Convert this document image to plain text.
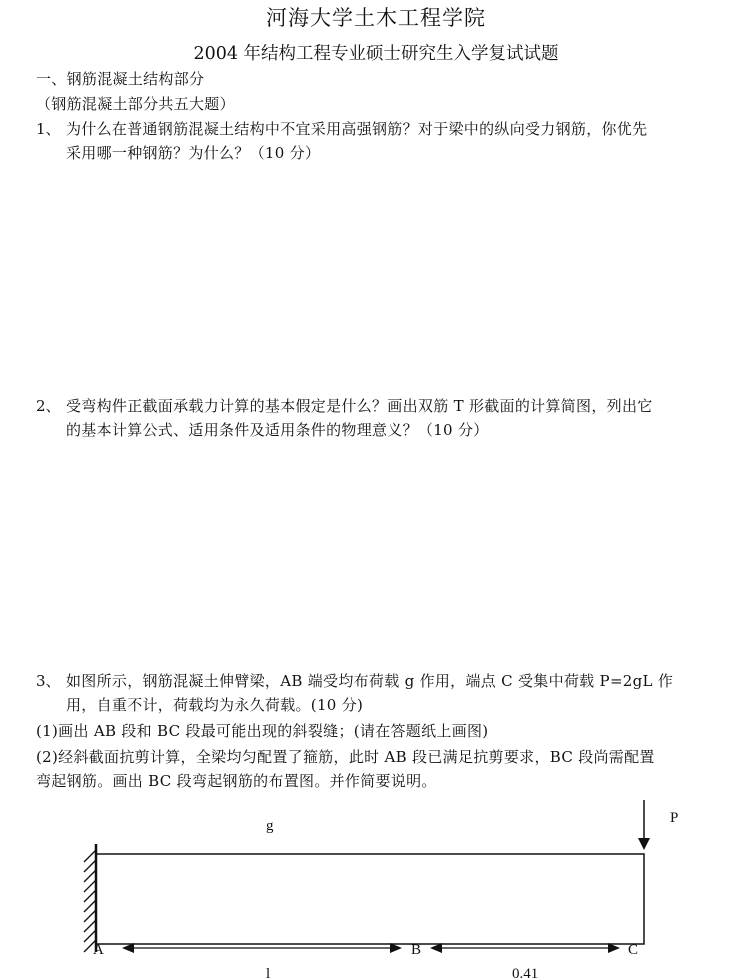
河海大学土木工程学院
2004 年结构工程专业硕士研究生入学复试试题
一、钢筋混凝土结构部分
（钢筋混凝土部分共五大题）
1、 为什么在普通钢筋混凝土结构中不宜采用高强钢筋？对于梁中的纵向受力钢筋，你优先
采用哪一种钢筋？为什么？（10 分）
2、 受弯构件正截面承载力计算的基本假定是什么？画出双筋 T 形截面的计算简图，列出它
的基本计算公式、适用条件及适用条件的物理意义？（10 分）
3、 如图所示，钢筋混凝土伸臂梁，AB 端受均布荷载 g 作用，端点 C 受集中荷载 P=2gL 作
用，自重不计，荷载均为永久荷载。(10 分)
(1)画出 AB 段和 BC 段最可能出现的斜裂缝；(请在答题纸上画图)
(2)经斜截面抗剪计算，全梁均匀配置了箍筋，此时 AB 段已满足抗剪要求，BC 段尚需配置
弯起钢筋。画出 BC 段弯起钢筋的布置图。并作简要说明。
P
g
A	B	C
l	0.41
